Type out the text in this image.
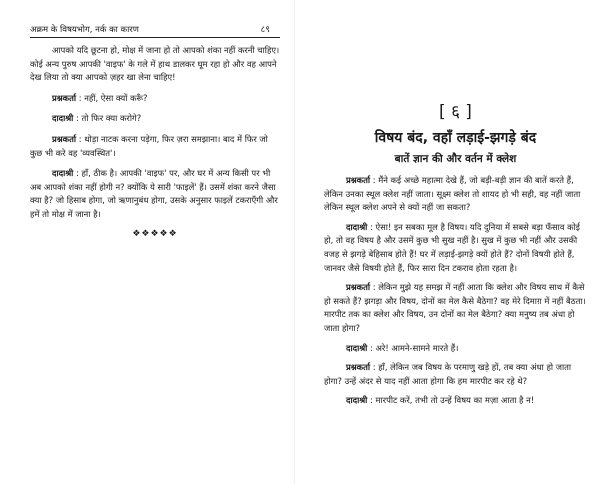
अक्रम के विषयभोग, नर्क का कारण	८९

आपको यदि छूटना हो, मोक्ष में जाना हो तो आपको शंका नहीं करनी चाहिए। कोई अन्य पुरुष आपकी 'वाइफ' के गले में हाथ डालकर घूम रहा हो और वह आपने देख लिया तो क्या आपको ज़हर खा लेना चाहिए!

प्रश्नकर्ता : नहीं, ऐसा क्यों करूँ?

दादाश्री : तो फिर क्या करोगे?

प्रश्नकर्ता : थोड़ा नाटक करना पड़ेगा, फिर ज़रा समझाना। बाद में फिर जो कुछ भी करे वह 'व्यवस्थित'।

दादाश्री : हाँ, ठीक है। आपकी 'वाइफ' पर, और घर में अन्य किसी पर भी अब आपको शंका नहीं होगी न? क्योंकि ये सारी 'फाइलें' हैं। उसमें शंका करने जैसा क्या है? जो हिसाब होगा, जो ऋणानुबंध होगा, उसके अनुसार फाइलें टकराएँगी और हमें तो मोक्ष में जाना है।

❖❖❖❖❖
[ ६ ]
विषय बंद, वहाँ लड़ाई-झगड़े बंद
बातें ज्ञान की और वर्तन में क्लेश

प्रश्नकर्ता : मैंने कई अच्छे महात्मा देखे हैं, जो बड़ी-बड़ी ज्ञान की बातें करते हैं, लेकिन उनका स्थूल क्लेश नहीं जाता। सूक्ष्म क्लेश तो शायद हो भी सही, वह नहीं जाता लेकिन स्थूल क्लेश अपने से क्यों नहीं जा सकता?

दादाश्री : ऐसा! इन सबका मूल है विषय। यदि दुनिया में सबसे बड़ा फँसाव कोई हो, तो वह विषय है और उसमें कुछ भी सुख नहीं है। सुख में कुछ भी नहीं और उसकी वजह से झगड़े बेहिसाब होते हैं! घर में लड़ाई-झगड़े क्यों होते हैं? दोनों विषयी होते हैं, जानवर जैसे विषयी होते हैं, फिर सारा दिन टकराव होता रहता है।

प्रश्नकर्ता : लेकिन मुझे यह समझ में नहीं आता कि क्लेश और विषय साथ में कैसे हो सकते हैं? झगड़ा और विषय, दोनों का मेल कैसे बैठेगा? वह मेरे दिमाग़ में नहीं बैठता। मारपीट तक का क्लेश और विषय, उन दोनों का मेल बैठेगा? क्या मनुष्य तब अंधा हो जाता होगा?

दादाश्री : अरे! आमने-सामने मारते हैं।

प्रश्नकर्ता : हाँ, लेकिन जब विषय के परमाणु खड़े हों, तब क्या अंधा हो जाता होगा? उन्हें अंदर से याद नहीं आता होगा कि हम मारपीट कर रहे थे?

दादाश्री : मारपीट करें, तभी तो उन्हें विषय का मज़ा आता है न!
